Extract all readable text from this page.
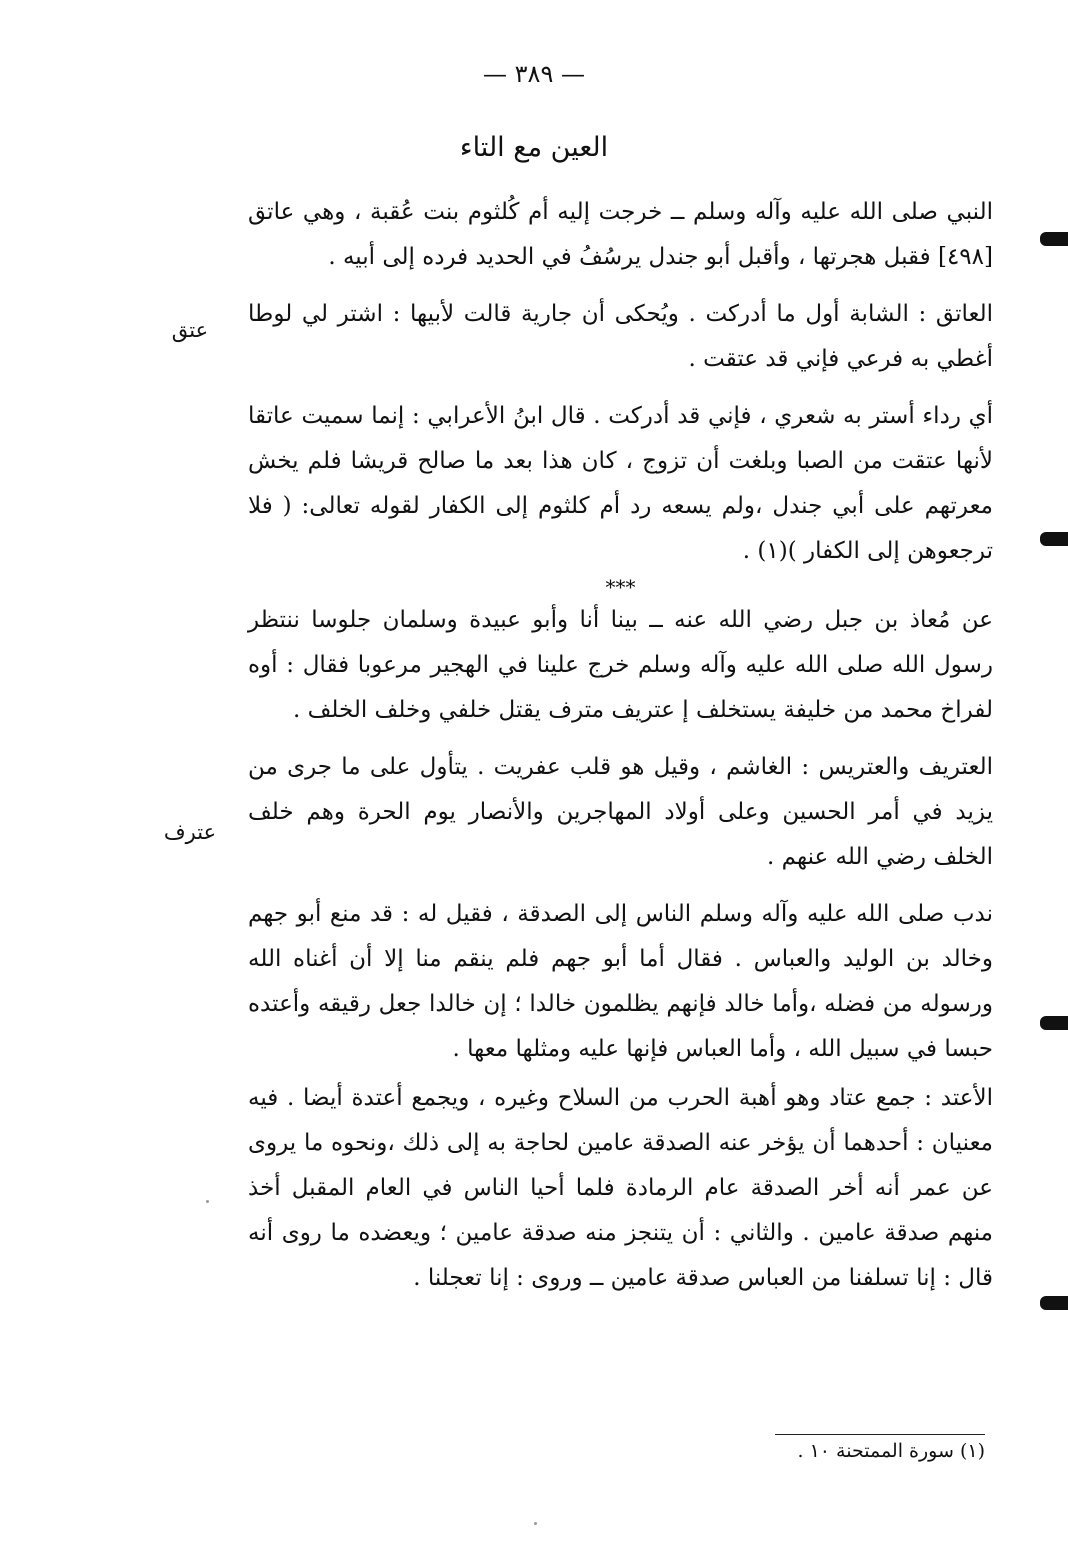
— ٣٨٩ —
العين مع التاء

النبي صلى الله عليه وآله وسلم ــ خرجت إليه أم كُلثوم بنت عُقبة ، وهي عاتق [٤٩٨] فقبل هجرتها ، وأقبل أبو جندل يرسُفُ في الحديد فرده إلى أبيه .

العاتق : الشابة أول ما أدركت . ويُحكى أن جارية قالت لأبيها : اشتر لي لوطا أغطي به فرعي فإني قد عتقت .

أي رداء أستر به شعري ، فإني قد أدركت . قال ابنُ الأعرابي : إنما سميت عاتقا لأنها عتقت من الصبا وبلغت أن تزوج ، كان هذا بعد ما صالح قريشا فلم يخش معرتهم على أبي جندل ،ولم يسعه رد أم كلثوم إلى الكفار لقوله تعالى: ( فلا ترجعوهن إلى الكفار )(١) .

***

عن مُعاذ بن جبل رضي الله عنه ــ بينا أنا وأبو عبيدة وسلمان جلوسا ننتظر رسول الله صلى الله عليه وآله وسلم خرج علينا في الهجير مرعوبا فقال : أوه لفراخ محمد من خليفة يستخلف إ عتريف مترف يقتل خلفي وخلف الخلف .

العتريف والعتريس : الغاشم ، وقيل هو قلب عفريت . يتأول على ما جرى من يزيد في أمر الحسين وعلى أولاد المهاجرين والأنصار يوم الحرة وهم خلف الخلف رضي الله عنهم .

ندب صلى الله عليه وآله وسلم الناس إلى الصدقة ، فقيل له : قد منع أبو جهم وخالد بن الوليد والعباس . فقال أما أبو جهم فلم ينقم منا إلا أن أغناه الله ورسوله من فضله ،وأما خالد فإنهم يظلمون خالدا ؛ إن خالدا جعل رقيقه وأعتده حبسا في سبيل الله ، وأما العباس فإنها عليه ومثلها معها .

الأعتد : جمع عتاد وهو أهبة الحرب من السلاح وغيره ، ويجمع أعتدة أيضا . فيه معنيان : أحدهما أن يؤخر عنه الصدقة عامين لحاجة به إلى ذلك ،ونحوه ما يروى عن عمر أنه أخر الصدقة عام الرمادة فلما أحيا الناس في العام المقبل أخذ منهم صدقة عامين . والثاني : أن يتنجز منه صدقة عامين ؛ ويعضده ما روى أنه قال : إنا تسلفنا من العباس صدقة عامين ــ وروى : إنا تعجلنا .

عتق
عترف
(١) سورة الممتحنة ١٠ .
